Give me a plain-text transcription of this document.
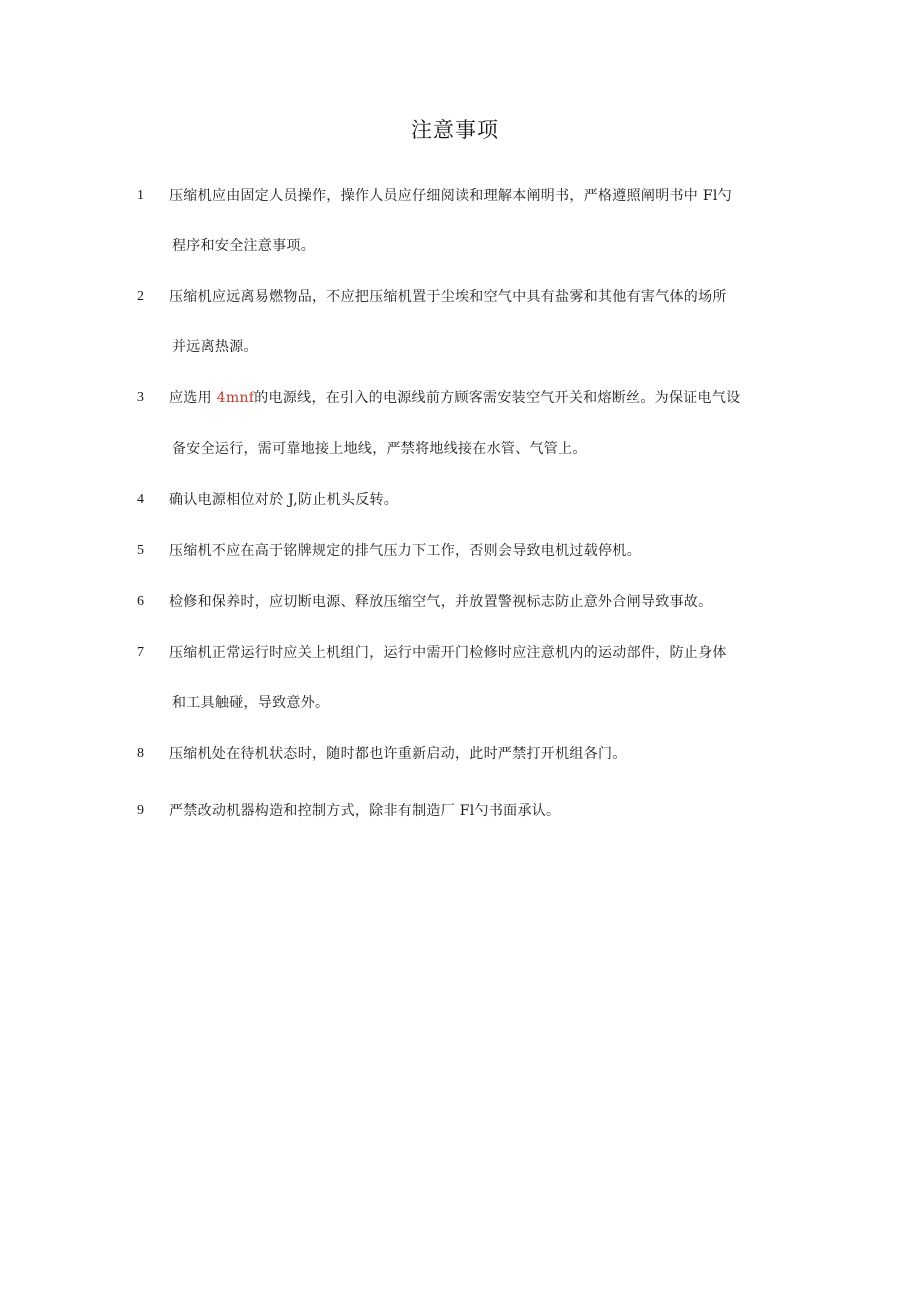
注意事项
1 压缩机应由固定人员操作，操作人员应仔细阅读和理解本阐明书，严格遵照阐明书中 Fl勺
程序和安全注意事项。
2 压缩机应远离易燃物品，不应把压缩机置于尘埃和空气中具有盐雾和其他有害气体的场所
并远离热源。
3 应选用 4mnf的电源线，在引入的电源线前方顾客需安装空气开关和熔断丝。为保证电气设
备安全运行，需可靠地接上地线，严禁将地线接在水管、气管上。
4 确认电源相位对於 J,防止机头反转。
5 压缩机不应在高于铭牌规定的排气压力下工作，否则会导致电机过载停机。
6 检修和保养时，应切断电源、释放压缩空气，并放置警视标志防止意外合闸导致事故。
7 压缩机正常运行时应关上机组门，运行中需开门检修时应注意机内的运动部件，防止身体
和工具触碰，导致意外。
8 压缩机处在待机状态时，随时都也许重新启动，此时严禁打开机组各门。
9 严禁改动机器构造和控制方式，除非有制造厂 Fl勺书面承认。
